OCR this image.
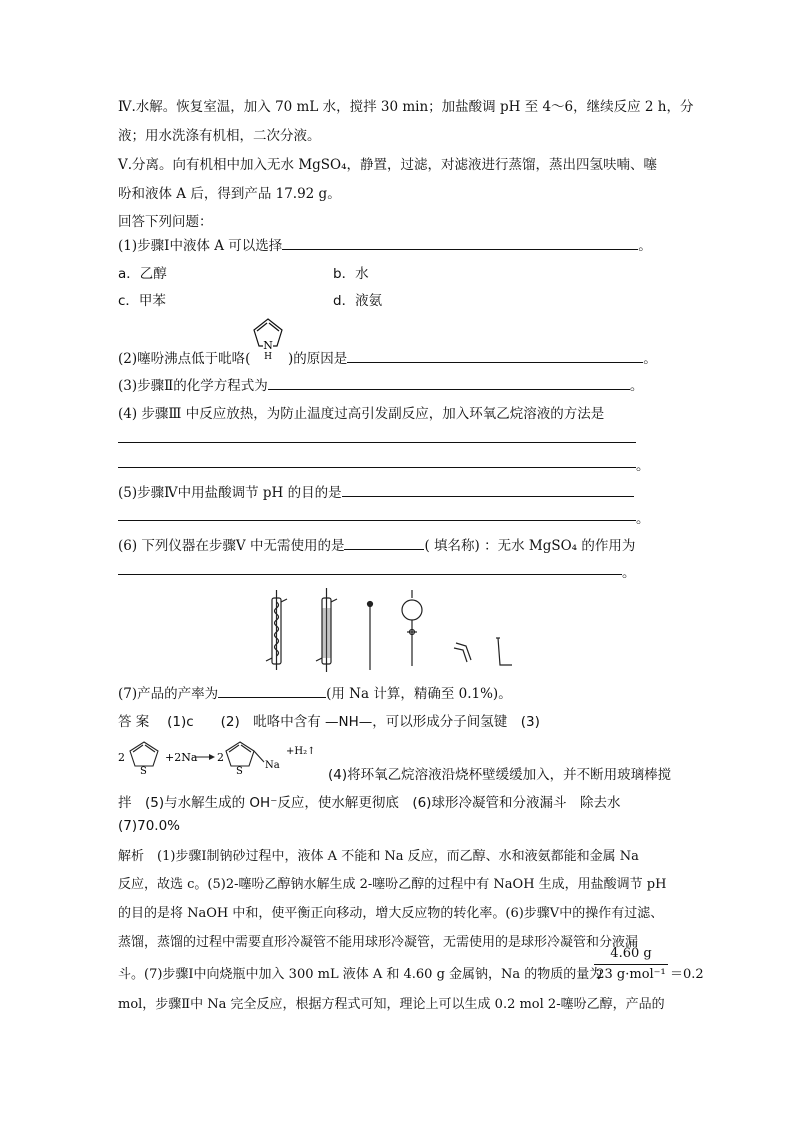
Ⅳ.水解。恢复室温，加入 70 mL 水，搅拌 30 min；加盐酸调 pH 至 4～6，继续反应 2 h，分
液；用水洗涤有机相，二次分液。
Ⅴ.分离。向有机相中加入无水 MgSO₄，静置，过滤，对滤液进行蒸馏，蒸出四氢呋喃、噻
吩和液体 A 后，得到产品 17.92 g。
回答下列问题：
(1)步骤Ⅰ中液体 A 可以选择	。
a．乙醇	b．水
c．甲苯	d．液氨
(2)噻吩沸点低于吡咯(
N
H )的原因是	。
(3)步骤Ⅱ的化学方程式为	。
(4) 步骤Ⅲ 中反应放热，为防止温度过高引发副反应，加入环氧乙烷溶液的方法是
。
(5)步骤Ⅳ中用盐酸调节 pH 的目的是
。
(6) 下列仪器在步骤Ⅴ 中无需使用的是	( 填名称) ：无水 MgSO₄ 的作用为
。
(7)产品的产率为	(用 Na 计算，精确至 0.1%)。
答 案　 (1)c　　(2)　吡咯中含有 —NH—，可以形成分子间氢键　(3)
2
S
+2Na 2
S
Na
+H₂↑
(4)将环氧乙烷溶液沿烧杯壁缓缓加入，并不断用玻璃棒搅
拌　(5)与水解生成的 OH⁻反应，使水解更彻底　(6)球形冷凝管和分液漏斗　除去水
(7)70.0%
解析　(1)步骤Ⅰ制钠砂过程中，液体 A 不能和 Na 反应，而乙醇、水和液氨都能和金属 Na
反应，故选 c。(5)2-噻吩乙醇钠水解生成 2-噻吩乙醇的过程中有 NaOH 生成，用盐酸调节 pH
的目的是将 NaOH 中和，使平衡正向移动，增大反应物的转化率。(6)步骤Ⅴ中的操作有过滤、
蒸馏，蒸馏的过程中需要直形冷凝管不能用球形冷凝管，无需使用的是球形冷凝管和分液漏
斗。(7)步骤Ⅰ中向烧瓶中加入 300 mL 液体 A 和 4.60 g 金属钠，Na 的物质的量为
4.60 g
23 g·mol⁻¹ ＝0.2
mol，步骤Ⅱ中 Na 完全反应，根据方程式可知，理论上可以生成 0.2 mol 2-噻吩乙醇，产品的
